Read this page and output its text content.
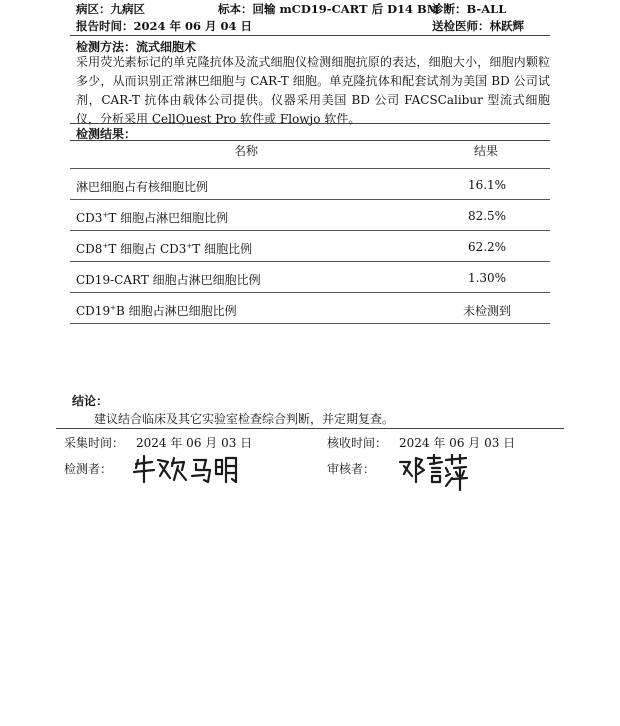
病区：九病区	标本：回输 mCD19-CART 后 D14 BM
诊断：B-ALL
报告时间：2024 年 06 月 04 日	送检医师：林跃辉
检测方法：流式细胞术
采用荧光素标记的单克隆抗体及流式细胞仪检测细胞抗原的表达，细胞大小，细胞内颗粒多少，从而识别正常淋巴细胞与 CAR-T 细胞。单克隆抗体和配套试剂为美国 BD 公司试剂，CAR-T 抗体由载体公司提供。仪器采用美国 BD 公司 FACSCalibur 型流式细胞仪，分析采用 CellQuest Pro 软件或 Flowjo 软件。
检测结果：
名称	结果
淋巴细胞占有核细胞比例	16.1%
CD3+T 细胞占淋巴细胞比例	82.5%
CD8+T 细胞占 CD3+T 细胞比例	62.2%
CD19-CART 细胞占淋巴细胞比例	1.30%
CD19+B 细胞占淋巴细胞比例	未检测到
结论：
建议结合临床及其它实验室检查综合判断，并定期复查。
采集时间： 2024 年 06 月 03 日	核收时间： 2024 年 06 月 03 日
检测者：	审核者：
